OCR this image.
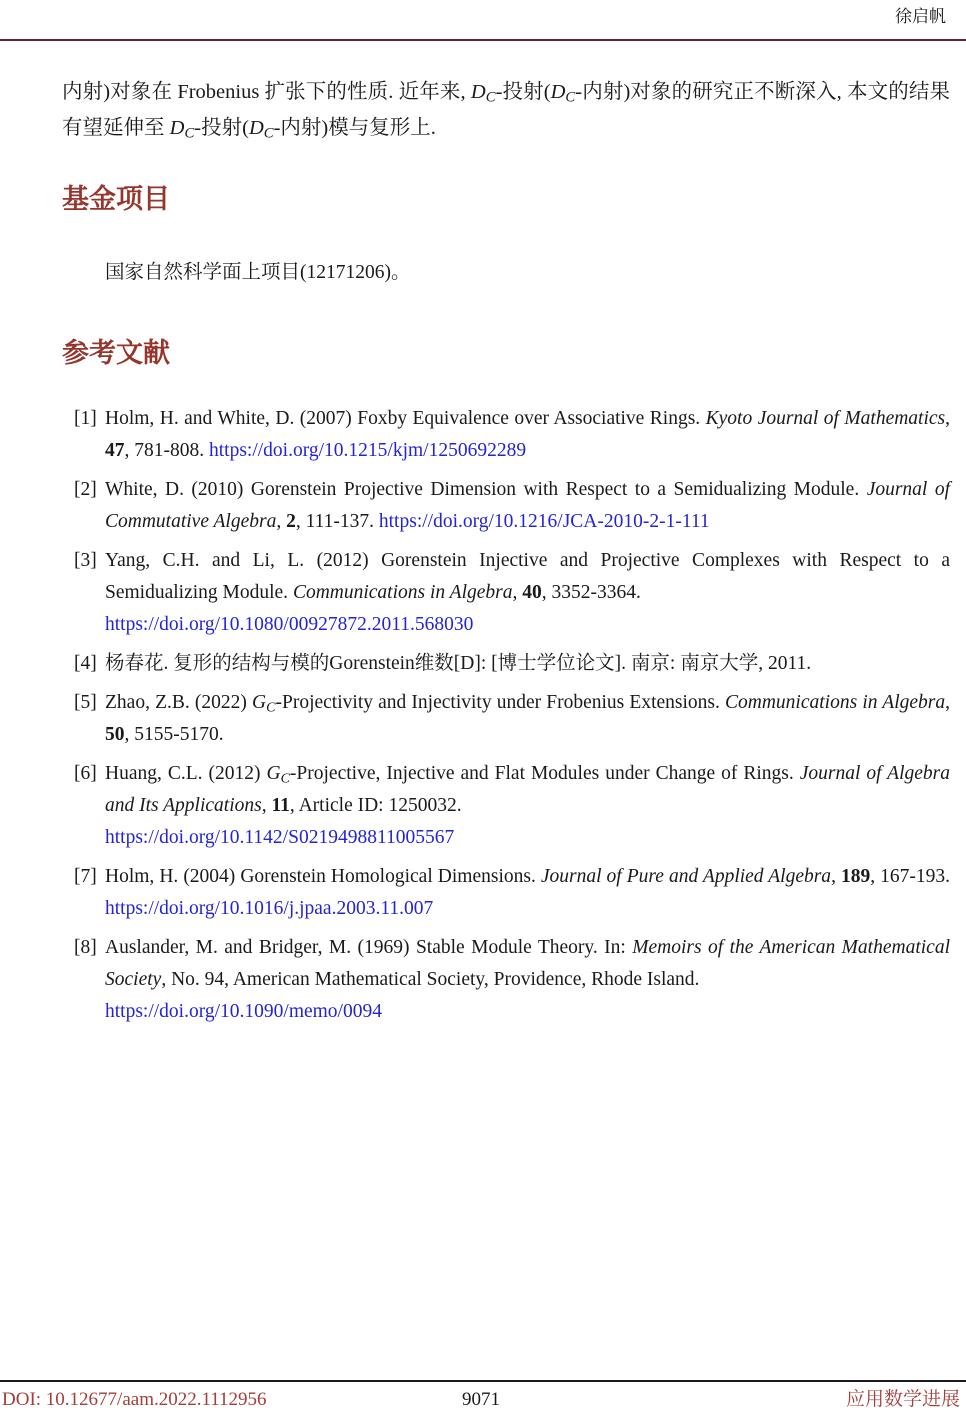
徐启帆

内射)对象在 Frobenius 扩张下的性质. 近年来, $D_C-$投射($D_C-$内射)对象的研究正不断深入, 本文的结果有望延伸至 $D_C-$投射($D_C-$内射)模与复形上.

基金项目

国家自然科学面上项目(12171206)。

参考文献
[1] Holm, H. and White, D. (2007) Foxby Equivalence over Associative Rings. Kyoto Journal of Mathematics, 47, 781-808. https://doi.org/10.1215/kjm/1250692289
[2] White, D. (2010) Gorenstein Projective Dimension with Respect to a Semidualizing Module. Journal of Commutative Algebra, 2, 111-137. https://doi.org/10.1216/JCA-2010-2-1-111
[3] Yang, C.H. and Li, L. (2012) Gorenstein Injective and Projective Complexes with Respect to a Semidualizing Module. Communications in Algebra, 40, 3352-3364.
https://doi.org/10.1080/00927872.2011.568030
[4] 杨春花. 复形的结构与模的Gorenstein维数[D]: [博士学位论文]. 南京: 南京大学, 2011.
[5] Zhao, Z.B. (2022) $G_C$-Projectivity and Injectivity under Frobenius Extensions. Communications in Algebra, 50, 5155-5170.
[6] Huang, C.L. (2012) $G_C$-Projective, Injective and Flat Modules under Change of Rings. Journal of Algebra and Its Applications, 11, Article ID: 1250032.
https://doi.org/10.1142/S0219498811005567
[7] Holm, H. (2004) Gorenstein Homological Dimensions. Journal of Pure and Applied Algebra, 189, 167-193. https://doi.org/10.1016/j.jpaa.2003.11.007
[8] Auslander, M. and Bridger, M. (1969) Stable Module Theory. In: Memoirs of the American Mathematical Society, No. 94, American Mathematical Society, Providence, Rhode Island.
https://doi.org/10.1090/memo/0094
DOI: 10.12677/aam.2022.1112956	9071	应用数学进展
